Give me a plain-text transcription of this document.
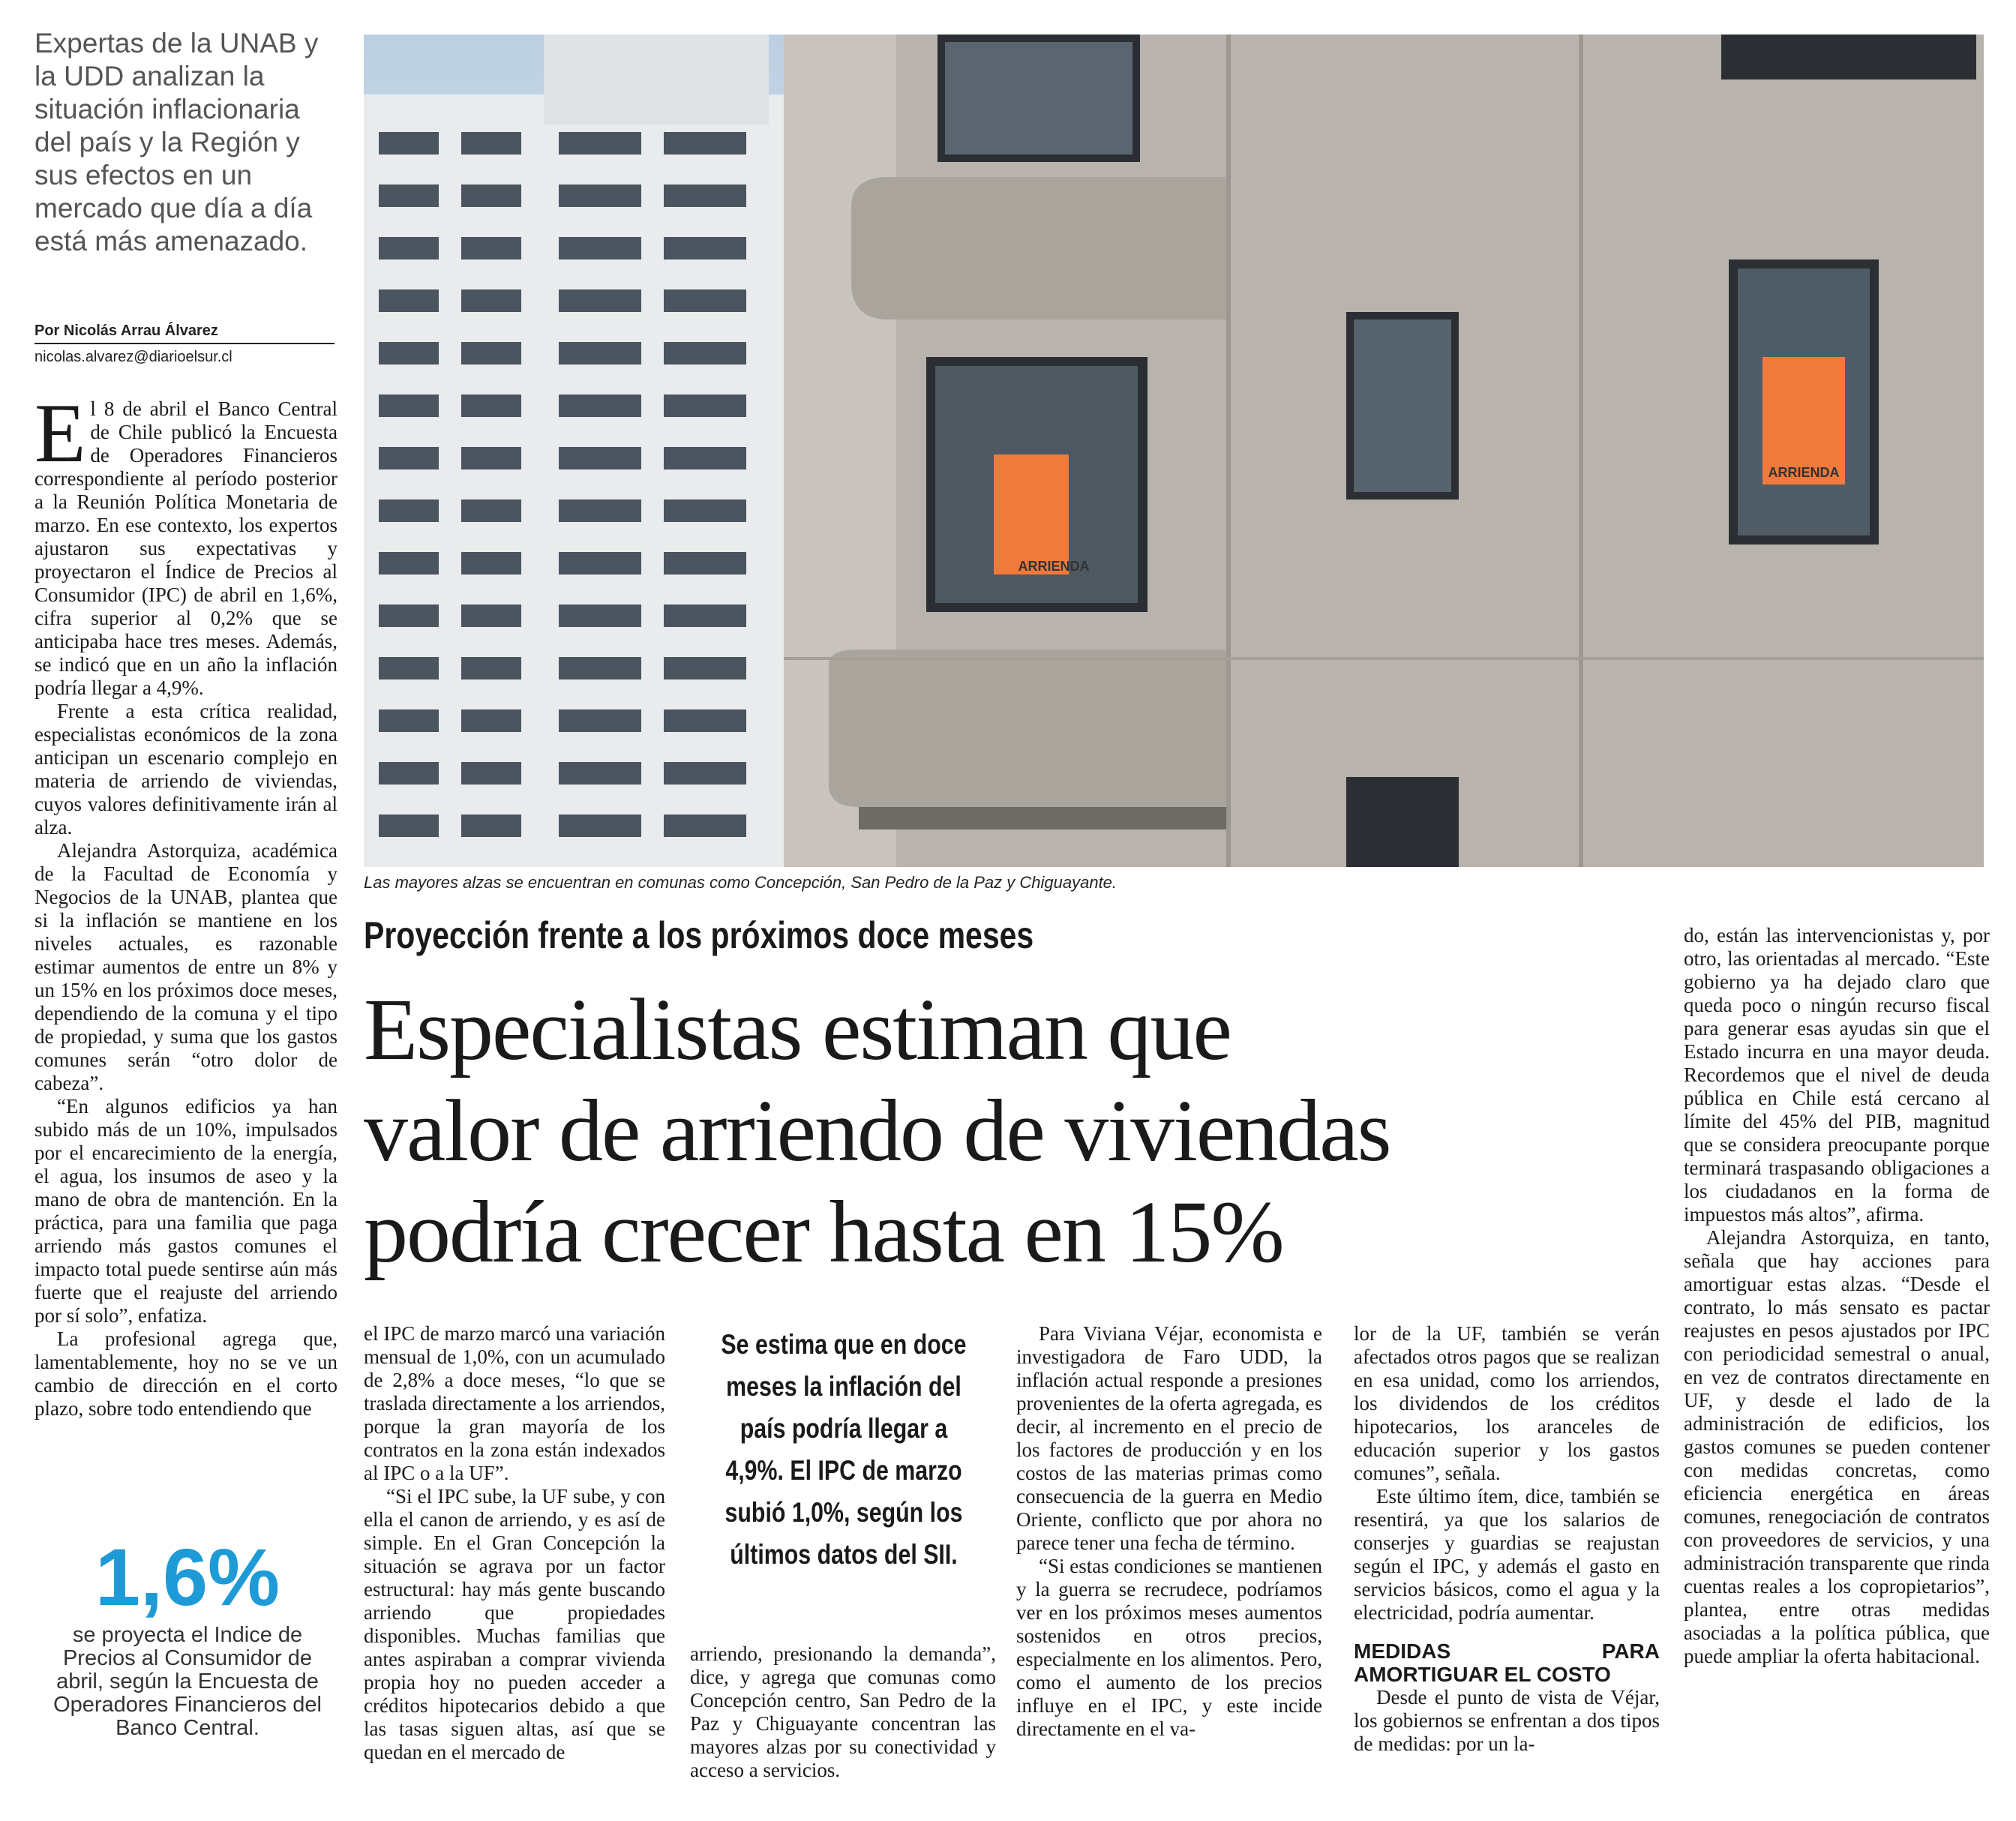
Expertas de la UNAB y la UDD analizan la situación inflacionaria del país y la Región y sus efectos en un mercado que día a día está más amenazado.

Por Nicolás Arrau Álvarez
nicolas.alvarez@diarioelsur.cl

El 8 de abril el Banco Central de Chile publicó la Encuesta de Operadores Financieros correspondiente al período posterior a la Reunión Política Monetaria de marzo. En ese contexto, los expertos ajustaron sus expectativas y proyectaron el Índice de Precios al Consumidor (IPC) de abril en 1,6%, cifra superior al 0,2% que se anticipaba hace tres meses. Además, se indicó que en un año la inflación podría llegar a 4,9%.

Frente a esta crítica realidad, especialistas económicos de la zona anticipan un escenario complejo en materia de arriendo de viviendas, cuyos valores definitivamente irán al alza.

Alejandra Astorquiza, académica de la Facultad de Economía y Negocios de la UNAB, plantea que si la inflación se mantiene en los niveles actuales, es razonable estimar aumentos de entre un 8% y un 15% en los próximos doce meses, dependiendo de la comuna y el tipo de propiedad, y suma que los gastos comunes serán “otro dolor de cabeza”.

“En algunos edificios ya han subido más de un 10%, impulsados por el encarecimiento de la energía, el agua, los insumos de aseo y la mano de obra de mantención. En la práctica, para una familia que paga arriendo más gastos comunes el impacto total puede sentirse aún más fuerte que el reajuste del arriendo por sí solo”, enfatiza.

La profesional agrega que, lamentablemente, hoy no se ve un cambio de dirección en el corto plazo, sobre todo entendiendo que

1,6%
se proyecta el Indice de Precios al Consumidor de abril, según la Encuesta de Operadores Financieros del Banco Central.
ARRIENDA
ARRIENDA
Las mayores alzas se encuentran en comunas como Concepción, San Pedro de la Paz y Chiguayante.
Proyección frente a los próximos doce meses
Especialistas estiman que
valor de arriendo de viviendas
podría crecer hasta en 15%

el IPC de marzo marcó una variación mensual de 1,0%, con un acumulado de 2,8% a doce meses, “lo que se traslada directamente a los arriendos, porque la gran mayoría de los contratos en la zona están indexados al IPC o a la UF”.

“Si el IPC sube, la UF sube, y con ella el canon de arriendo, y es así de simple. En el Gran Concepción la situación se agrava por un factor estructural: hay más gente buscando arriendo que propiedades disponibles. Muchas familias que antes aspiraban a comprar vivienda propia hoy no pueden acceder a créditos hipotecarios debido a que las tasas siguen altas, así que se quedan en el mercado de

Se estima que en doce meses la inflación del país podría llegar a 4,9%. El IPC de marzo subió 1,0%, según los últimos datos del SII.

arriendo, presionando la demanda”, dice, y agrega que comunas como Concepción centro, San Pedro de la Paz y Chiguayante concentran las mayores alzas por su conectividad y acceso a servicios.

Para Viviana Véjar, economista e investigadora de Faro UDD, la inflación actual responde a presiones provenientes de la oferta agregada, es decir, al incremento en el precio de los factores de producción y en los costos de las materias primas como consecuencia de la guerra en Medio Oriente, conflicto que por ahora no parece tener una fecha de término.

“Si estas condiciones se mantienen y la guerra se recrudece, podríamos ver en los próximos meses aumentos sostenidos en otros precios, especialmente en los alimentos. Pero, como el aumento de los precios influye en el IPC, y este incide directamente en el va-

lor de la UF, también se verán afectados otros pagos que se realizan en esa unidad, como los arriendos, los dividendos de los créditos hipotecarios, los aranceles de educación superior y los gastos comunes”, señala.

Este último ítem, dice, también se resentirá, ya que los salarios de conserjes y guardias se reajustan según el IPC, y además el gasto en servicios básicos, como el agua y la electricidad, podría aumentar.

MEDIDAS PARA AMORTIGUAR EL COSTO

Desde el punto de vista de Véjar, los gobiernos se enfrentan a dos tipos de medidas: por un la-

do, están las intervencionistas y, por otro, las orientadas al mercado. “Este gobierno ya ha dejado claro que queda poco o ningún recurso fiscal para generar esas ayudas sin que el Estado incurra en una mayor deuda. Recordemos que el nivel de deuda pública en Chile está cercano al límite del 45% del PIB, magnitud que se considera preocupante porque terminará traspasando obligaciones a los ciudadanos en la forma de impuestos más altos”, afirma.

Alejandra Astorquiza, en tanto, señala que hay acciones para amortiguar estas alzas. “Desde el contrato, lo más sensato es pactar reajustes en pesos ajustados por IPC con periodicidad semestral o anual, en vez de contratos directamente en UF, y desde el lado de la administración de edificios, los gastos comunes se pueden contener con medidas concretas, como eficiencia energética en áreas comunes, renegociación de contratos con proveedores de servicios, y una administración transparente que rinda cuentas reales a los copropietarios”, plantea, entre otras medidas asociadas a la política pública, que puede ampliar la oferta habitacional.
